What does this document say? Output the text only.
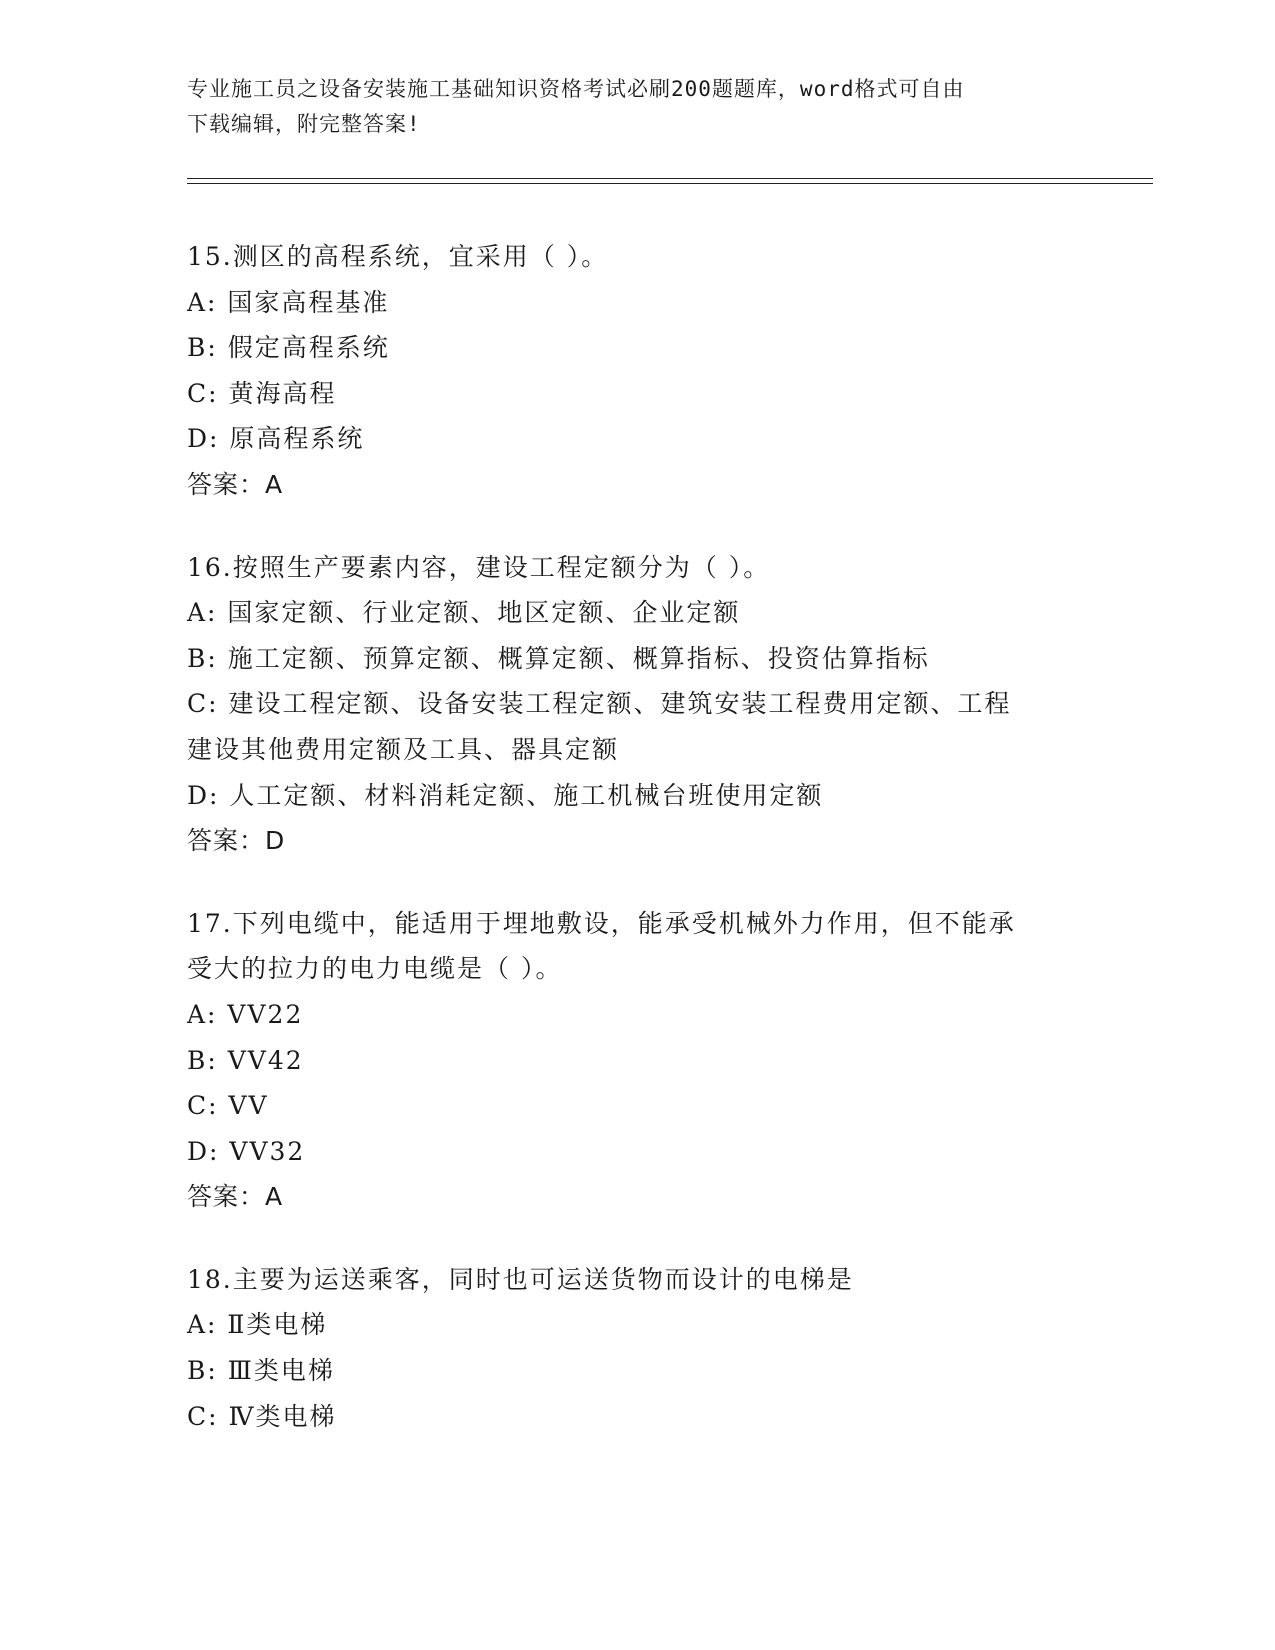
专业施工员之设备安装施工基础知识资格考试必刷200题题库，word格式可自由
下载编辑，附完整答案!
15.测区的高程系统，宜采用（ ）。
A: 国家高程基准
B: 假定高程系统
C: 黄海高程
D: 原高程系统
答案：A
16.按照生产要素内容，建设工程定额分为（ ）。
A: 国家定额、行业定额、地区定额、企业定额
B: 施工定额、预算定额、概算定额、概算指标、投资估算指标
C: 建设工程定额、设备安装工程定额、建筑安装工程费用定额、工程
建设其他费用定额及工具、器具定额
D: 人工定额、材料消耗定额、施工机械台班使用定额
答案：D
17.下列电缆中，能适用于埋地敷设，能承受机械外力作用，但不能承
受大的拉力的电力电缆是（ ）。
A: VV22
B: VV42
C: VV
D: VV32
答案：A
18.主要为运送乘客，同时也可运送货物而设计的电梯是
A: Ⅱ类电梯
B: Ⅲ类电梯
C: Ⅳ类电梯
